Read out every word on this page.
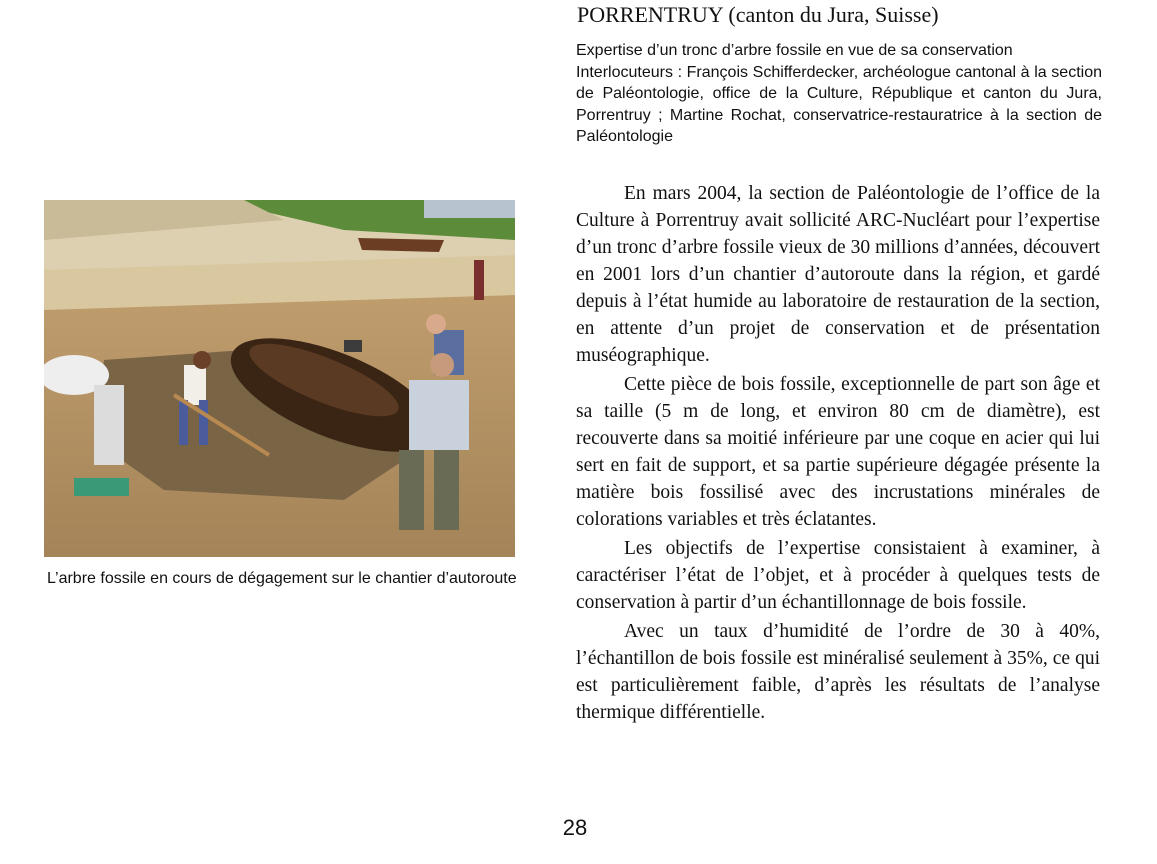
PORRENTRUY (canton du Jura, Suisse)
Expertise d’un tronc d’arbre fossile en vue de sa conservation
Interlocuteurs : François Schifferdecker, archéologue cantonal à la section de Paléontologie, office de la Culture, République et canton du Jura, Porrentruy ; Martine Rochat, conservatrice-restauratrice à la section de Paléontologie
L’arbre fossile en cours de dégagement sur le chantier d’autoroute

En mars 2004, la section de Paléontologie de l’office de la Culture à Porrentruy avait sollicité ARC-Nucléart pour l’expertise d’un tronc d’arbre fossile vieux de 30 millions d’années, découvert en 2001 lors d’un chantier d’autoroute dans la région, et gardé depuis à l’état humide au laboratoire de restauration de la section, en attente d’un projet de conservation et de présentation muséographique.

Cette pièce de bois fossile, exceptionnelle de part son âge et sa taille (5 m de long, et environ 80 cm de diamètre), est recouverte dans sa moitié inférieure par une coque en acier qui lui sert en fait de support, et sa partie supérieure dégagée présente la matière bois fossilisé avec des incrustations minérales de colorations variables et très éclatantes.

Les objectifs de l’expertise consistaient à examiner, à caractériser l’état de l’objet, et à procéder à quelques tests de conservation à partir d’un échantillonnage de bois fossile.

Avec un taux d’humidité de l’ordre de 30 à 40%, l’échantillon de bois fossile est minéralisé seulement à 35%, ce qui est particulièrement faible, d’après les résultats de l’analyse thermique différentielle.

28
